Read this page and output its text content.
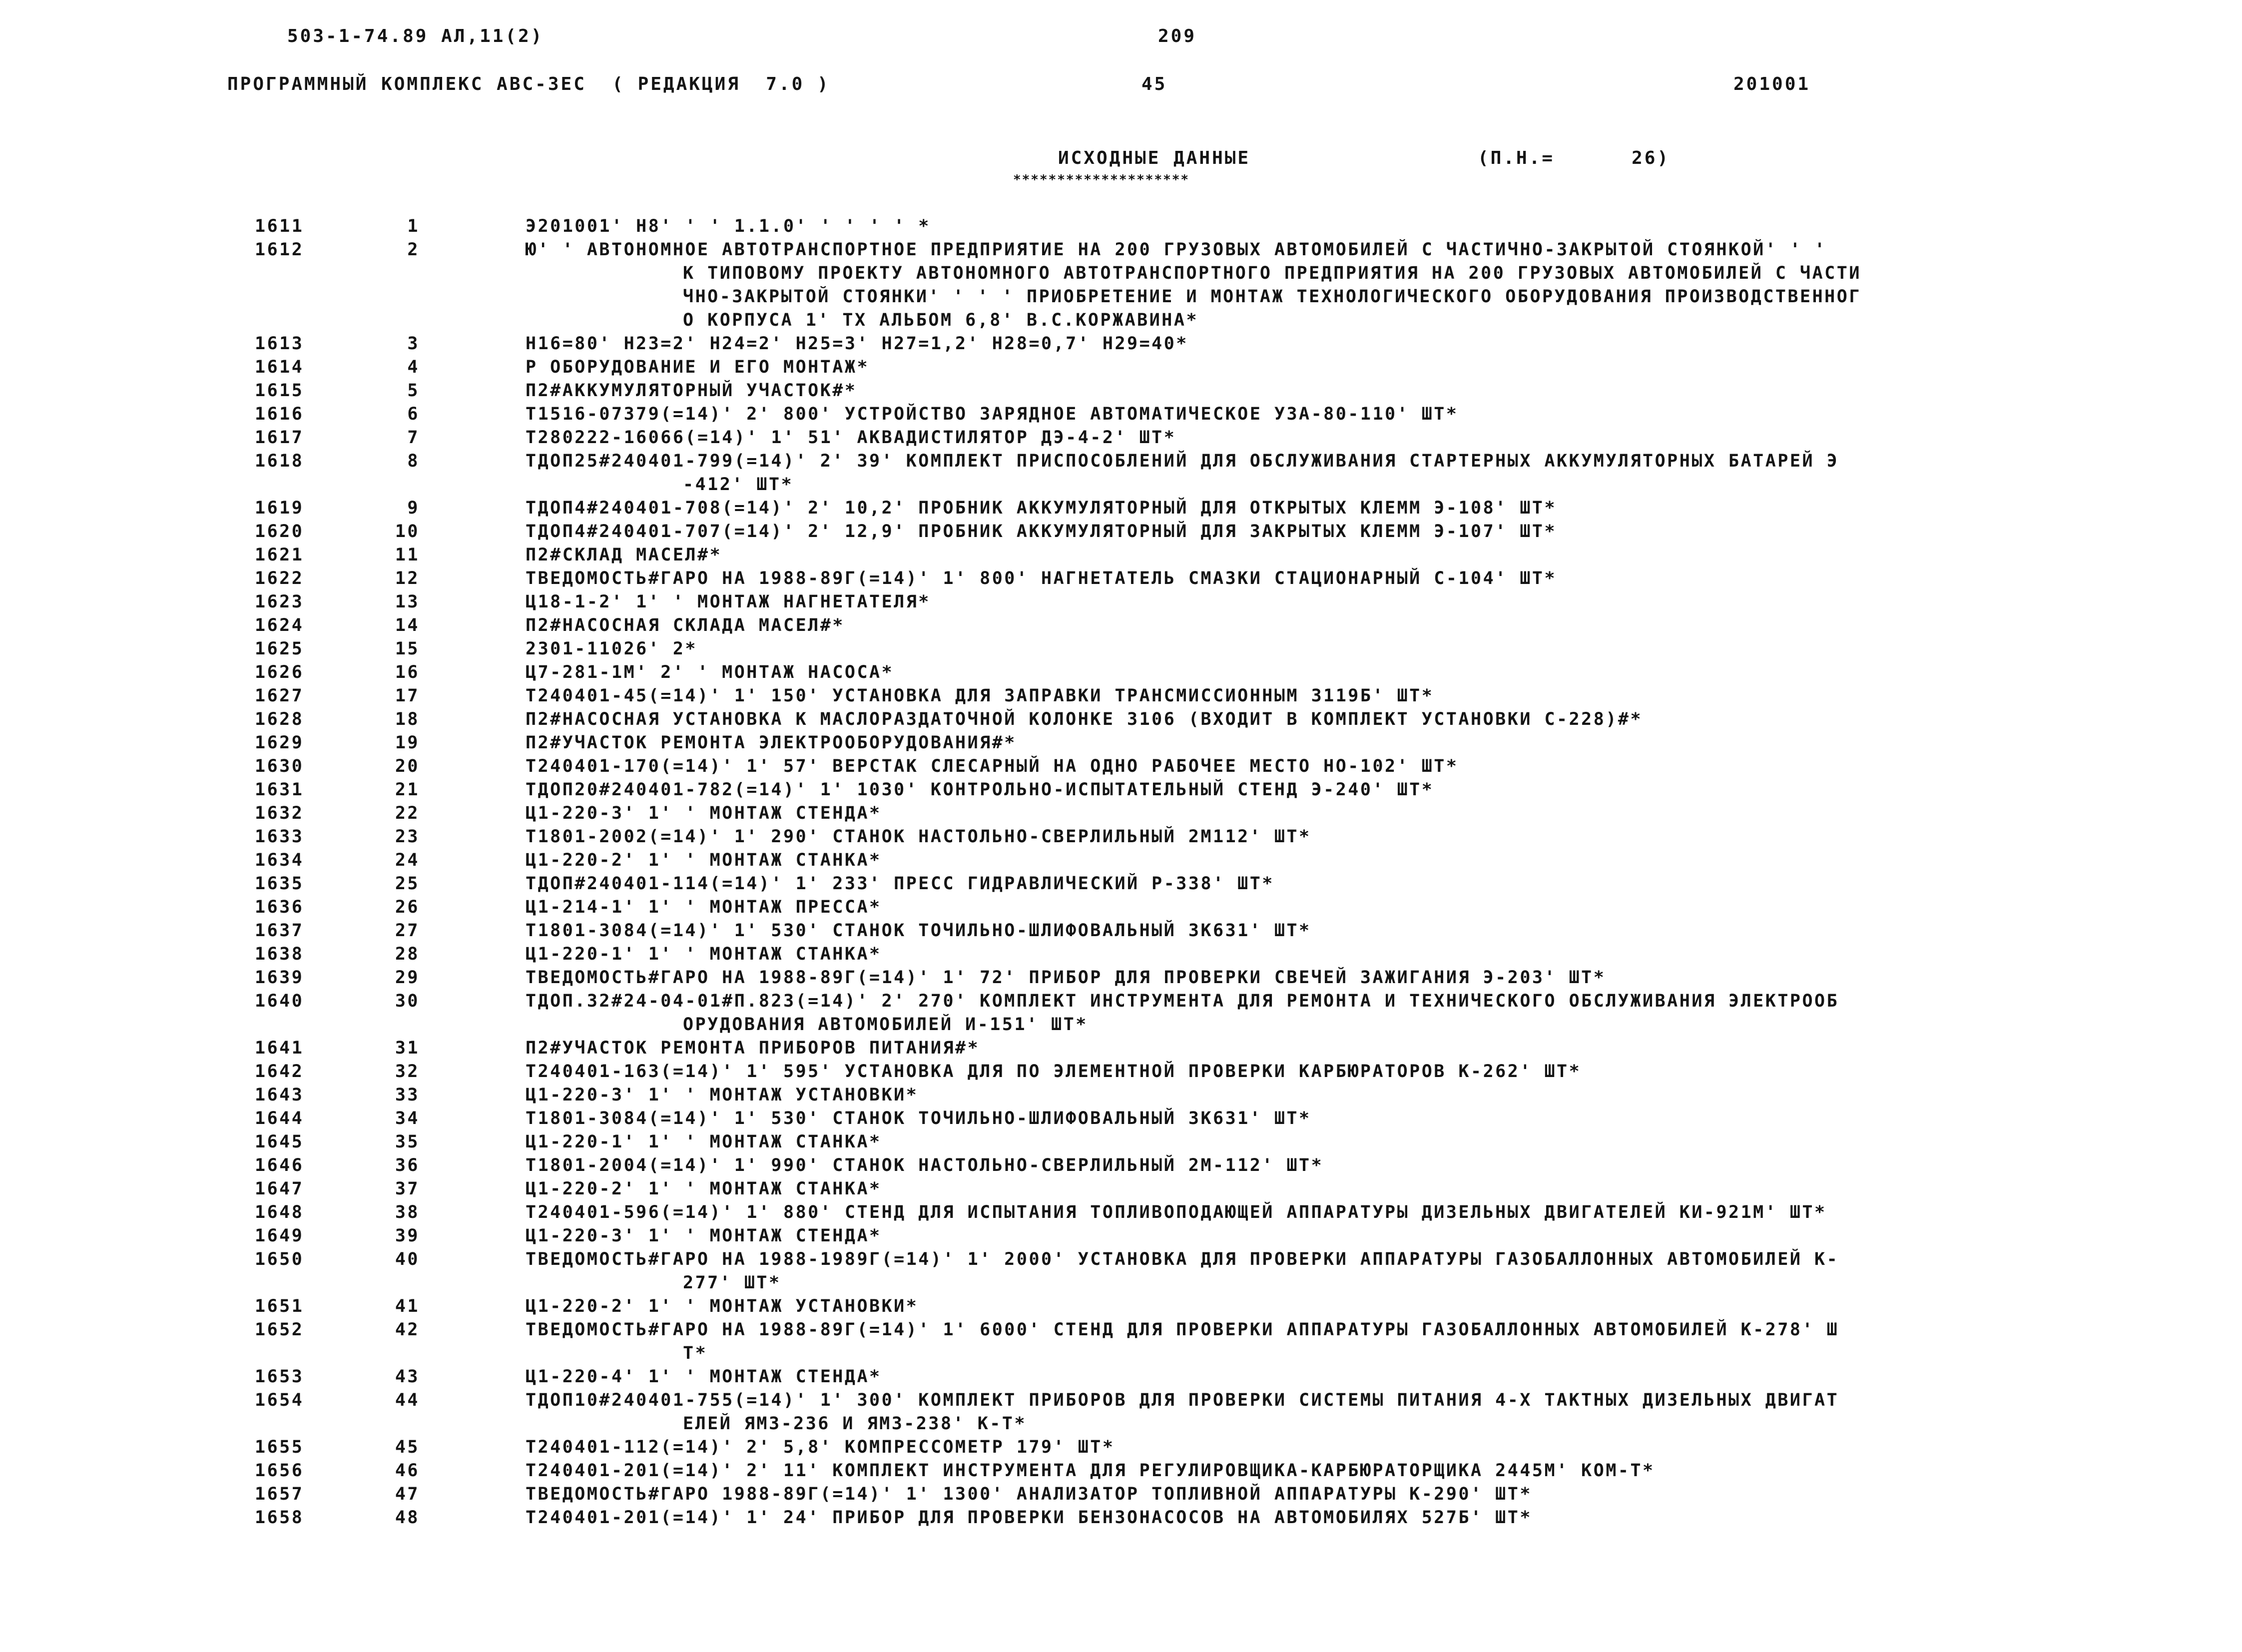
503-1-74.89 АЛ,11(2)	209
ПРОГРАММНЫЙ КОМПЛЕКС АВС-3ЕС  ( РЕДАКЦИЯ  7.0 )	45	201001
ИСХОДНЫЕ ДАННЫЕ
********************
(П.Н.=      26)
1611	1	Э201001' Н8' ' ' 1.1.0' ' ' ' ' *
1612	2	Ю' ' АВТОНОМНОЕ АВТОТРАНСПОРТНОЕ ПРЕДПРИЯТИЕ НА 200 ГРУЗОВЫХ АВТОМОБИЛЕЙ С ЧАСТИЧНО-ЗАКРЫТОЙ СТОЯНКОЙ' ' '
К ТИПОВОМУ ПРОЕКТУ АВТОНОМНОГО АВТОТРАНСПОРТНОГО ПРЕДПРИЯТИЯ НА 200 ГРУЗОВЫХ АВТОМОБИЛЕЙ С ЧАСТИ
ЧНО-ЗАКРЫТОЙ СТОЯНКИ' ' ' ' ПРИОБРЕТЕНИЕ И МОНТАЖ ТЕХНОЛОГИЧЕСКОГО ОБОРУДОВАНИЯ ПРОИЗВОДСТВЕННОГ
О КОРПУСА 1' ТХ АЛЬБОМ 6,8' В.С.КОРЖАВИНА*
1613	3	Н16=80' Н23=2' Н24=2' Н25=3' Н27=1,2' Н28=0,7' Н29=40*
1614	4	Р ОБОРУДОВАНИЕ И ЕГО МОНТАЖ*
1615	5	П2#АККУМУЛЯТОРНЫЙ УЧАСТОК#*
1616	6	Т1516-07379(=14)' 2' 800' УСТРОЙСТВО ЗАРЯДНОЕ АВТОМАТИЧЕСКОЕ УЗА-80-110' ШТ*
1617	7	Т280222-16066(=14)' 1' 51' АКВАДИСТИЛЯТОР ДЭ-4-2' ШТ*
1618	8	ТДОП25#240401-799(=14)' 2' 39' КОМПЛЕКТ ПРИСПОСОБЛЕНИЙ ДЛЯ ОБСЛУЖИВАНИЯ СТАРТЕРНЫХ АККУМУЛЯТОРНЫХ БАТАРЕЙ Э
-412' ШТ*
1619	9	ТДОП4#240401-708(=14)' 2' 10,2' ПРОБНИК АККУМУЛЯТОРНЫЙ ДЛЯ ОТКРЫТЫХ КЛЕММ Э-108' ШТ*
1620	10	ТДОП4#240401-707(=14)' 2' 12,9' ПРОБНИК АККУМУЛЯТОРНЫЙ ДЛЯ ЗАКРЫТЫХ КЛЕММ Э-107' ШТ*
1621	11	П2#СКЛАД МАСЕЛ#*
1622	12	ТВЕДОМОСТЬ#ГАРО НА 1988-89Г(=14)' 1' 800' НАГНЕТАТЕЛЬ СМАЗКИ СТАЦИОНАРНЫЙ С-104' ШТ*
1623	13	Ц18-1-2' 1' ' МОНТАЖ НАГНЕТАТЕЛЯ*
1624	14	П2#НАСОСНАЯ СКЛАДА МАСЕЛ#*
1625	15	2301-11026' 2*
1626	16	Ц7-281-1М' 2' ' МОНТАЖ НАСОСА*
1627	17	Т240401-45(=14)' 1' 150' УСТАНОВКА ДЛЯ ЗАПРАВКИ ТРАНСМИССИОННЫМ 3119Б' ШТ*
1628	18	П2#НАСОСНАЯ УСТАНОВКА К МАСЛОРАЗДАТОЧНОЙ КОЛОНКЕ 3106 (ВХОДИТ В КОМПЛЕКТ УСТАНОВКИ С-228)#*
1629	19	П2#УЧАСТОК РЕМОНТА ЭЛЕКТРООБОРУДОВАНИЯ#*
1630	20	Т240401-170(=14)' 1' 57' ВЕРСТАК СЛЕСАРНЫЙ НА ОДНО РАБОЧЕЕ МЕСТО НО-102' ШТ*
1631	21	ТДОП20#240401-782(=14)' 1' 1030' КОНТРОЛЬНО-ИСПЫТАТЕЛЬНЫЙ СТЕНД Э-240' ШТ*
1632	22	Ц1-220-3' 1' ' МОНТАЖ СТЕНДА*
1633	23	Т1801-2002(=14)' 1' 290' СТАНОК НАСТОЛЬНО-СВЕРЛИЛЬНЫЙ 2М112' ШТ*
1634	24	Ц1-220-2' 1' ' МОНТАЖ СТАНКА*
1635	25	ТДОП#240401-114(=14)' 1' 233' ПРЕСС ГИДРАВЛИЧЕСКИЙ Р-338' ШТ*
1636	26	Ц1-214-1' 1' ' МОНТАЖ ПРЕССА*
1637	27	Т1801-3084(=14)' 1' 530' СТАНОК ТОЧИЛЬНО-ШЛИФОВАЛЬНЫЙ 3К631' ШТ*
1638	28	Ц1-220-1' 1' ' МОНТАЖ СТАНКА*
1639	29	ТВЕДОМОСТЬ#ГАРО НА 1988-89Г(=14)' 1' 72' ПРИБОР ДЛЯ ПРОВЕРКИ СВЕЧЕЙ ЗАЖИГАНИЯ Э-203' ШТ*
1640	30	ТДОП.32#24-04-01#П.823(=14)' 2' 270' КОМПЛЕКТ ИНСТРУМЕНТА ДЛЯ РЕМОНТА И ТЕХНИЧЕСКОГО ОБСЛУЖИВАНИЯ ЭЛЕКТРООБ
ОРУДОВАНИЯ АВТОМОБИЛЕЙ И-151' ШТ*
1641	31	П2#УЧАСТОК РЕМОНТА ПРИБОРОВ ПИТАНИЯ#*
1642	32	Т240401-163(=14)' 1' 595' УСТАНОВКА ДЛЯ ПО ЭЛЕМЕНТНОЙ ПРОВЕРКИ КАРБЮРАТОРОВ К-262' ШТ*
1643	33	Ц1-220-3' 1' ' МОНТАЖ УСТАНОВКИ*
1644	34	Т1801-3084(=14)' 1' 530' СТАНОК ТОЧИЛЬНО-ШЛИФОВАЛЬНЫЙ 3К631' ШТ*
1645	35	Ц1-220-1' 1' ' МОНТАЖ СТАНКА*
1646	36	Т1801-2004(=14)' 1' 990' СТАНОК НАСТОЛЬНО-СВЕРЛИЛЬНЫЙ 2М-112' ШТ*
1647	37	Ц1-220-2' 1' ' МОНТАЖ СТАНКА*
1648	38	Т240401-596(=14)' 1' 880' СТЕНД ДЛЯ ИСПЫТАНИЯ ТОПЛИВОПОДАЮЩЕЙ АППАРАТУРЫ ДИЗЕЛЬНЫХ ДВИГАТЕЛЕЙ КИ-921М' ШТ*
1649	39	Ц1-220-3' 1' ' МОНТАЖ СТЕНДА*
1650	40	ТВЕДОМОСТЬ#ГАРО НА 1988-1989Г(=14)' 1' 2000' УСТАНОВКА ДЛЯ ПРОВЕРКИ АППАРАТУРЫ ГАЗОБАЛЛОННЫХ АВТОМОБИЛЕЙ К-
277' ШТ*
1651	41	Ц1-220-2' 1' ' МОНТАЖ УСТАНОВКИ*
1652	42	ТВЕДОМОСТЬ#ГАРО НА 1988-89Г(=14)' 1' 6000' СТЕНД ДЛЯ ПРОВЕРКИ АППАРАТУРЫ ГАЗОБАЛЛОННЫХ АВТОМОБИЛЕЙ К-278' Ш
Т*
1653	43	Ц1-220-4' 1' ' МОНТАЖ СТЕНДА*
1654	44	ТДОП10#240401-755(=14)' 1' 300' КОМПЛЕКТ ПРИБОРОВ ДЛЯ ПРОВЕРКИ СИСТЕМЫ ПИТАНИЯ 4-Х ТАКТНЫХ ДИЗЕЛЬНЫХ ДВИГАТ
ЕЛЕЙ ЯМЗ-236 И ЯМЗ-238' К-Т*
1655	45	Т240401-112(=14)' 2' 5,8' КОМПРЕССОМЕТР 179' ШТ*
1656	46	Т240401-201(=14)' 2' 11' КОМПЛЕКТ ИНСТРУМЕНТА ДЛЯ РЕГУЛИРОВЩИКА-КАРБЮРАТОРЩИКА 2445М' КОМ-Т*
1657	47	ТВЕДОМОСТЬ#ГАРО 1988-89Г(=14)' 1' 1300' АНАЛИЗАТОР ТОПЛИВНОЙ АППАРАТУРЫ К-290' ШТ*
1658	48	Т240401-201(=14)' 1' 24' ПРИБОР ДЛЯ ПРОВЕРКИ БЕНЗОНАСОСОВ НА АВТОМОБИЛЯХ 527Б' ШТ*
